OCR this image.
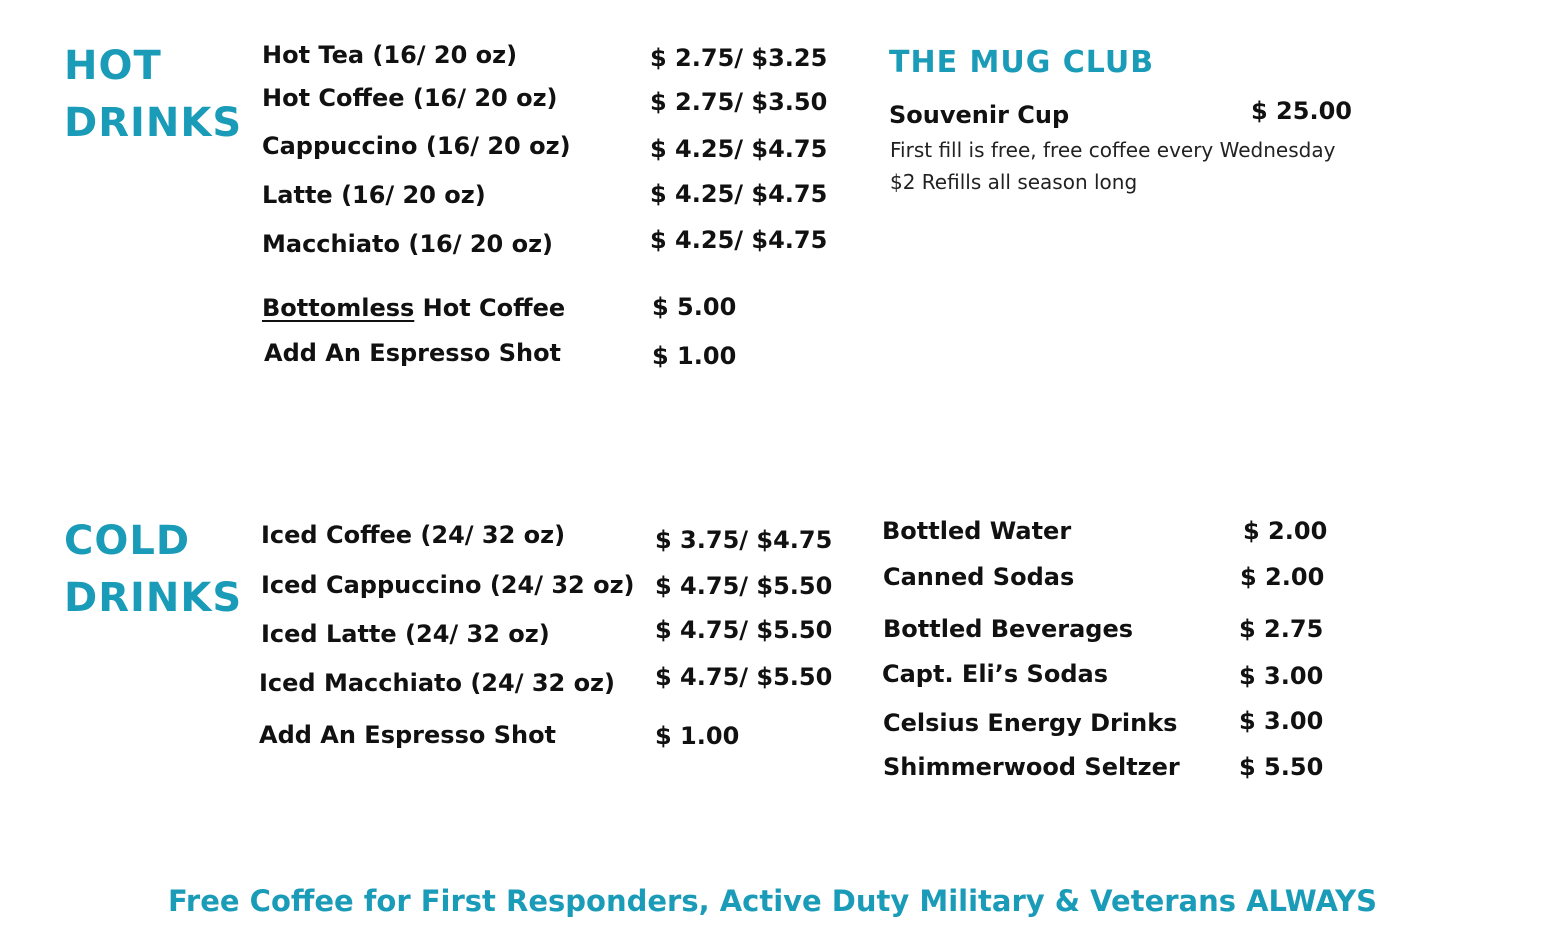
HOT
DRINKS
Hot Tea (16/ 20 oz)	$ 2.75/ $3.25
Hot Coffee (16/ 20 oz)	$ 2.75/ $3.50
Cappuccino (16/ 20 oz)	$ 4.25/ $4.75
Latte (16/ 20 oz)	$ 4.25/ $4.75
Macchiato (16/ 20 oz)	$ 4.25/ $4.75
Bottomless Hot Coffee	$ 5.00
Add An Espresso Shot	$ 1.00
THE MUG CLUB
Souvenir Cup	$ 25.00
First fill is free, free coffee every Wednesday
$2 Refills all season long
COLD
DRINKS
Iced Coffee (24/ 32 oz)	$ 3.75/ $4.75
Iced Cappuccino (24/ 32 oz) $ 4.75/ $5.50
Iced Latte (24/ 32 oz)	$ 4.75/ $5.50
Iced Macchiato (24/ 32 oz) $ 4.75/ $5.50
Add An Espresso Shot	$ 1.00
Bottled Water	$ 2.00
Canned Sodas	$ 2.00
Bottled Beverages	$ 2.75
Capt. Eli’s Sodas	$ 3.00
Celsius Energy Drinks	$ 3.00
Shimmerwood Seltzer $ 5.50
Free Coffee for First Responders, Active Duty Military & Veterans ALWAYS
